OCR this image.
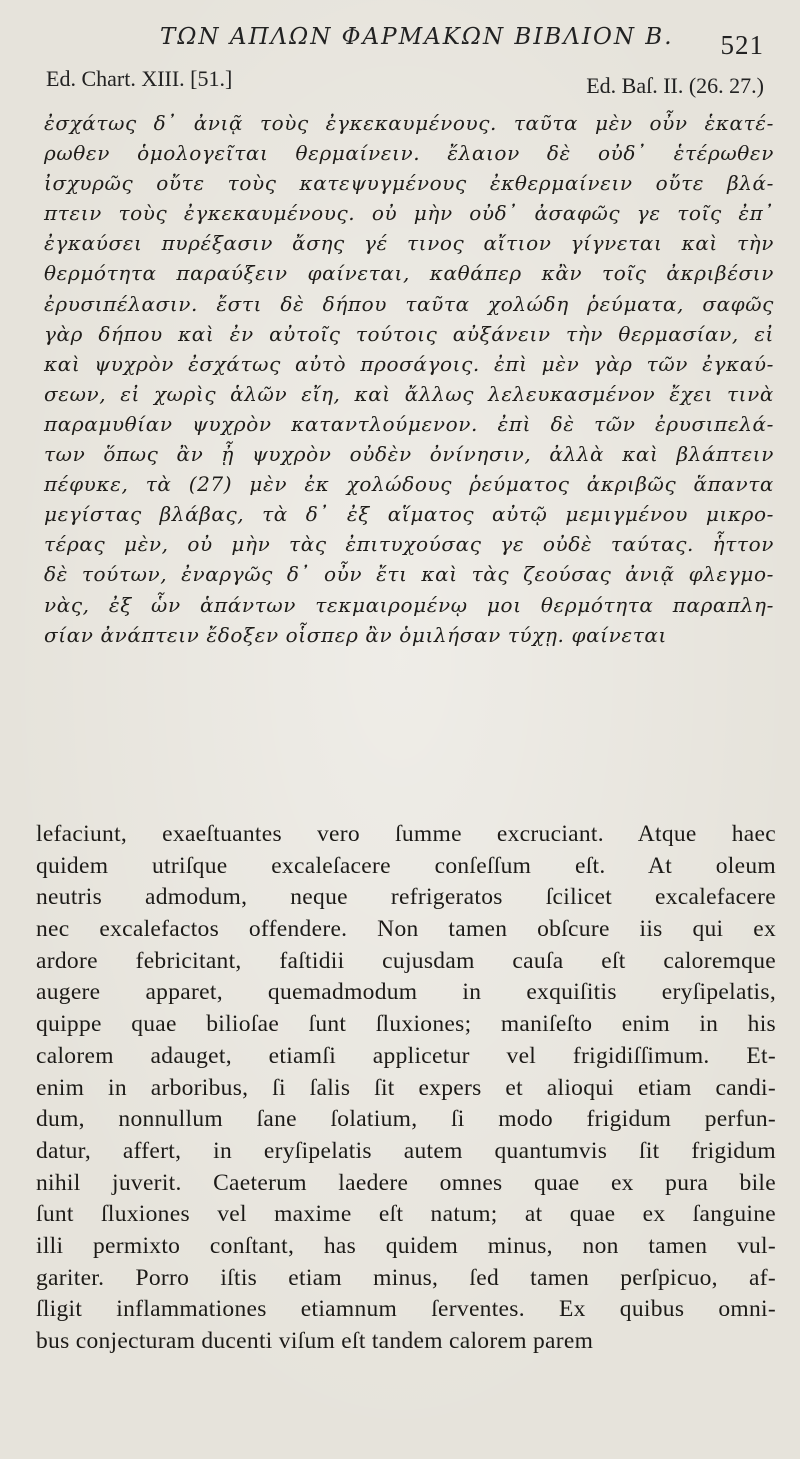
ΤΩΝ ΑΠΛΩΝ ΦΑΡΜΑΚΩΝ ΒΙΒΛΙΟΝ Β. 521
Ed. Chart. XIII. [51.]	Ed. Baſ. II. (26. 27.)
ἐσχάτως δ᾽ ἀνιᾷ τοὺς ἐγκεκαυμένους. ταῦτα μὲν οὖν ἑκατέ-
ρωθεν ὁμολογεῖται θερμαίνειν. ἔλαιον δὲ οὐδ᾽ ἑτέρωθεν
ἰσχυρῶς οὔτε τοὺς κατεψυγμένους ἐκθερμαίνειν οὔτε βλά-
πτειν τοὺς ἐγκεκαυμένους. οὐ μὴν οὐδ᾽ ἀσαφῶς γε τοῖς ἐπ᾽
ἐγκαύσει πυρέξασιν ἄσης γέ τινος αἴτιον γίγνεται καὶ τὴν
θερμότητα παραύξειν φαίνεται, καθάπερ κἂν τοῖς ἀκριβέσιν
ἐρυσιπέλασιν. ἔστι δὲ δήπου ταῦτα χολώδη ῥεύματα, σαφῶς
γὰρ δήπου καὶ ἐν αὐτοῖς τούτοις αὐξάνειν τὴν θερμασίαν, εἰ
καὶ ψυχρὸν ἐσχάτως αὐτὸ προσάγοις. ἐπὶ μὲν γὰρ τῶν ἐγκαύ-
σεων, εἰ χωρὶς ἁλῶν εἴη, καὶ ἄλλως λελευκασμένον ἔχει τινὰ
παραμυθίαν ψυχρὸν καταντλούμενον. ἐπὶ δὲ τῶν ἐρυσιπελά-
των ὅπως ἂν ᾖ ψυχρὸν οὐδὲν ὀνίνησιν, ἀλλὰ καὶ βλάπτειν
πέφυκε, τὰ (27) μὲν ἐκ χολώδους ῥεύματος ἀκριβῶς ἅπαντα
μεγίστας βλάβας, τὰ δ᾽ ἐξ αἵματος αὐτῷ μεμιγμένου μικρο-
τέρας μὲν, οὐ μὴν τὰς ἐπιτυχούσας γε οὐδὲ ταύτας. ἧττον
δὲ τούτων, ἐναργῶς δ᾽ οὖν ἔτι καὶ τὰς ζεούσας ἀνιᾷ φλεγμο-
νὰς, ἐξ ὧν ἁπάντων τεκμαιρομένῳ μοι θερμότητα παραπλη-
σίαν ἀνάπτειν ἔδοξεν οἷσπερ ἂν ὁμιλήσαν τύχῃ. φαίνεται
lefaciunt, exaeſtuantes vero ſumme excruciant. Atque haec
quidem utriſque excaleſacere conſeſſum eſt. At oleum
neutris admodum, neque refrigeratos ſcilicet excalefacere
nec excalefactos offendere. Non tamen obſcure iis qui ex
ardore febricitant, faſtidii cujusdam cauſa eſt caloremque
augere apparet, quemadmodum in exquiſitis eryſipelatis,
quippe quae bilioſae ſunt ſluxiones; maniſeſto enim in his
calorem adauget, etiamſi applicetur vel frigidiſſimum. Et-
enim in arboribus, ſi ſalis ſit expers et alioqui etiam candi-
dum, nonnullum ſane ſolatium, ſi modo frigidum perfun-
datur, affert, in eryſipelatis autem quantumvis ſit frigidum
nihil juverit. Caeterum laedere omnes quae ex pura bile
ſunt ſluxiones vel maxime eſt natum; at quae ex ſanguine
illi permixto conſtant, has quidem minus, non tamen vul-
gariter. Porro iſtis etiam minus, ſed tamen perſpicuo, af-
ſligit inflammationes etiamnum ſerventes. Ex quibus omni-
bus conjecturam ducenti viſum eſt tandem calorem parem
